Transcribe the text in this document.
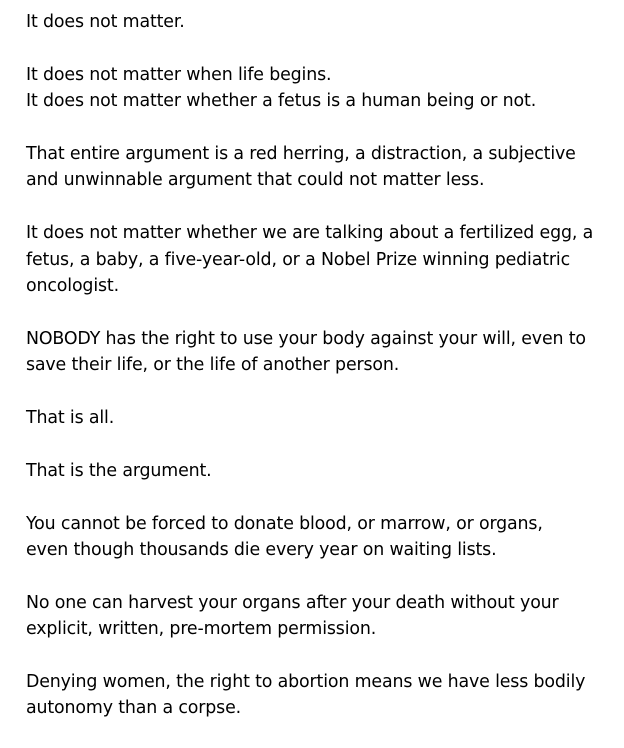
It does not matter.

It does not matter when life begins.
It does not matter whether a fetus is a human being or not.

That entire argument is a red herring, a distraction, a subjective
and unwinnable argument that could not matter less.

It does not matter whether we are talking about a fertilized egg, a
fetus, a baby, a five-year-old, or a Nobel Prize winning pediatric
oncologist.

NOBODY has the right to use your body against your will, even to
save their life, or the life of another person.

That is all.

That is the argument.

You cannot be forced to donate blood, or marrow, or organs,
even though thousands die every year on waiting lists.

No one can harvest your organs after your death without your
explicit, written, pre-mortem permission.

Denying women, the right to abortion means we have less bodily
autonomy than a corpse.
